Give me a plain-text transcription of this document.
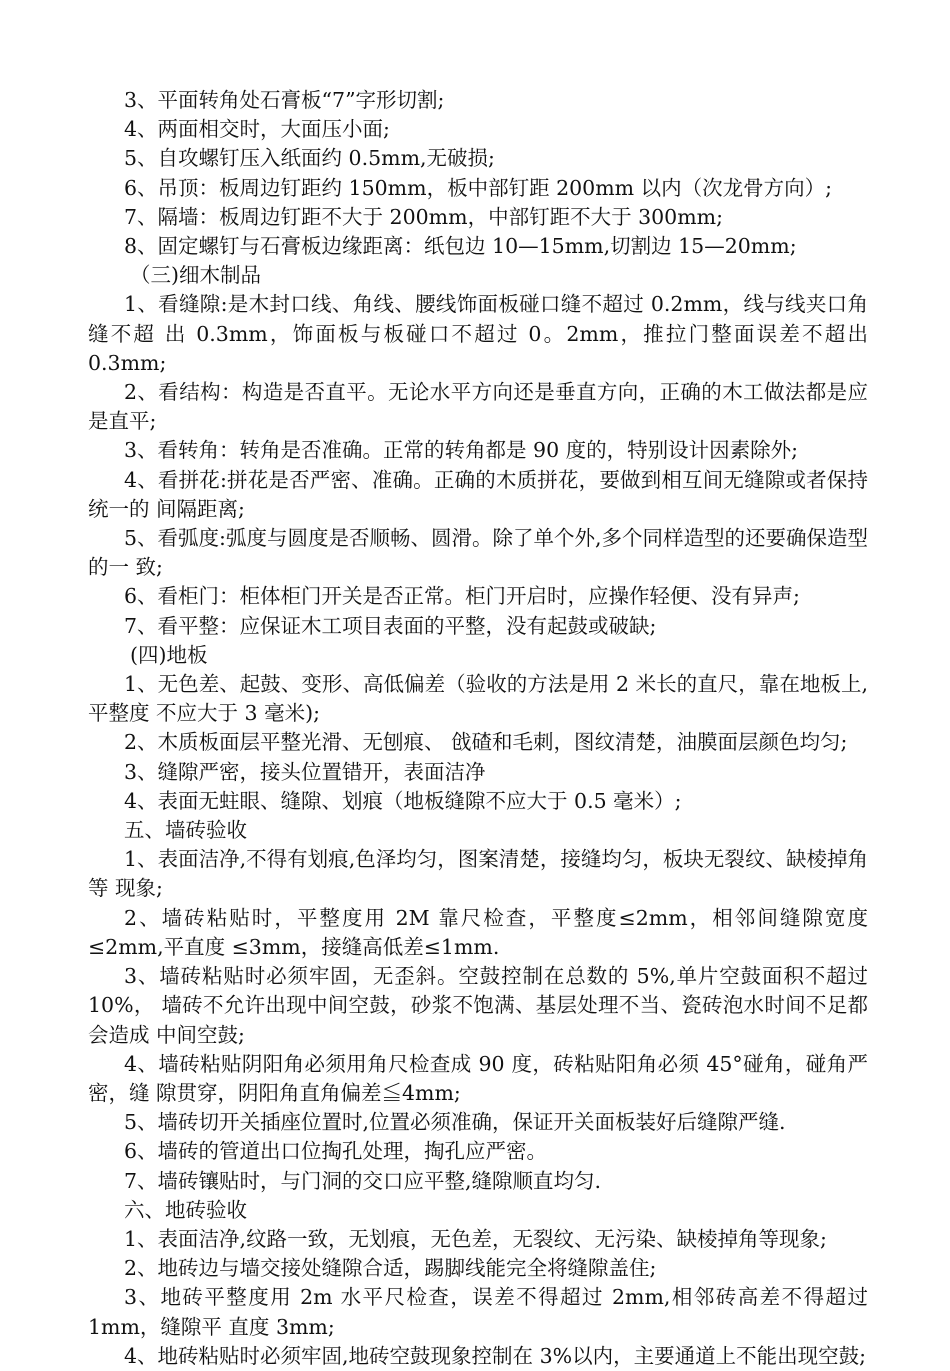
3、平面转角处石膏板“7”字形切割;

4、两面相交时，大面压小面;

5、自攻螺钉压入纸面约 0.5mm,无破损;

6、吊顶：板周边钉距约 150mm，板中部钉距 200mm 以内（次龙骨方向）;

7、隔墙：板周边钉距不大于 200mm，中部钉距不大于 300mm;

8、固定螺钉与石膏板边缘距离：纸包边 10—15mm,切割边 15—20mm;

（三)细木制品

1、看缝隙:是木封口线、角线、腰线饰面板碰口缝不超过 0.2mm，线与线夹口角缝不超 出 0.3mm，饰面板与板碰口不超过 0。2mm，推拉门整面误差不超出 0.3mm;

2、看结构：构造是否直平。无论水平方向还是垂直方向，正确的木工做法都是应是直平;

3、看转角：转角是否准确。正常的转角都是 90 度的，特别设计因素除外;

4、看拼花:拼花是否严密、准确。正确的木质拼花，要做到相互间无缝隙或者保持统一的 间隔距离;

5、看弧度:弧度与圆度是否顺畅、圆滑。除了单个外,多个同样造型的还要确保造型的一 致;

6、看柜门：柜体柜门开关是否正常。柜门开启时，应操作轻便、没有异声;

7、看平整：应保证木工项目表面的平整，没有起鼓或破缺;

(四)地板

1、无色差、起鼓、变形、高低偏差（验收的方法是用 2 米长的直尺，靠在地板上,平整度 不应大于 3 毫米);

2、木质板面层平整光滑、无刨痕、 戗碴和毛刺，图纹清楚，油膜面层颜色均匀;

3、缝隙严密，接头位置错开，表面洁净

4、表面无蛀眼、缝隙、划痕（地板缝隙不应大于 0.5 毫米）;

五、墙砖验收

1、表面洁净,不得有划痕,色泽均匀，图案清楚，接缝均匀，板块无裂纹、缺棱掉角等 现象;

2、墙砖粘贴时，平整度用 2M 靠尺检查，平整度≤2mm，相邻间缝隙宽度≤2mm,平直度 ≤3mm，接缝高低差≤1mm.

3、墙砖粘贴时必须牢固，无歪斜。空鼓控制在总数的 5%,单片空鼓面积不超过 10%， 墙砖不允许出现中间空鼓，砂浆不饱满、基层处理不当、瓷砖泡水时间不足都会造成 中间空鼓;

4、墙砖粘贴阴阳角必须用角尺检查成 90 度，砖粘贴阳角必须 45°碰角，碰角严密，缝 隙贯穿，阴阳角直角偏差≦4mm;

5、墙砖切开关插座位置时,位置必须准确，保证开关面板装好后缝隙严缝.

6、墙砖的管道出口位掏孔处理，掏孔应严密。

7、墙砖镶贴时，与门洞的交口应平整,缝隙顺直均匀.

六、地砖验收

1、表面洁净,纹路一致，无划痕，无色差，无裂纹、无污染、缺棱掉角等现象;

2、地砖边与墙交接处缝隙合适，踢脚线能完全将缝隙盖住;

3、地砖平整度用 2m 水平尺检查，误差不得超过 2mm,相邻砖高差不得超过 1mm，缝隙平 直度 3mm;

4、地砖粘贴时必须牢固,地砖空鼓现象控制在 3%以内，主要通道上不能出现空鼓;
